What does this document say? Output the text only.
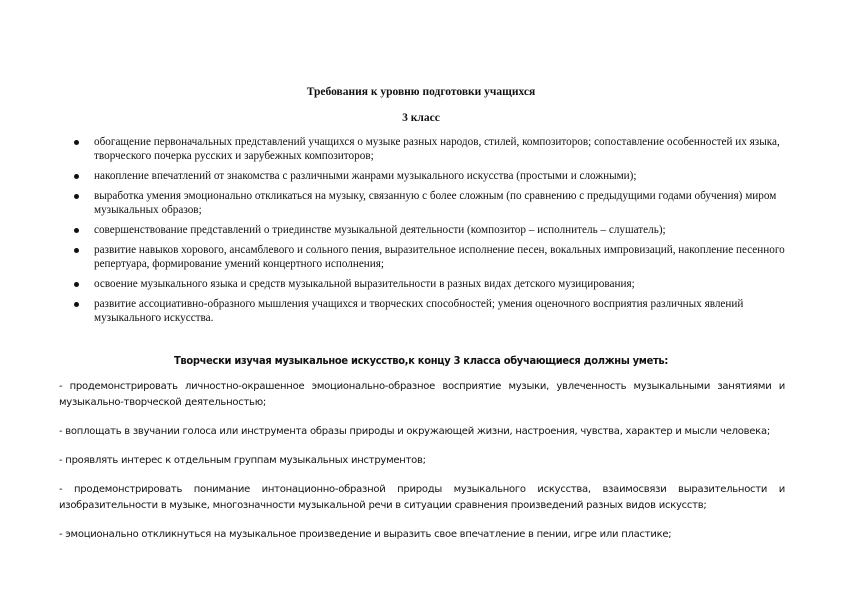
Требования к уровню подготовки учащихся
3 класс
обогащение первоначальных представлений учащихся о музыке разных народов, стилей, композиторов; сопоставление особенностей их языка, творческого почерка русских и зарубежных композиторов;
накопление впечатлений от знакомства с различными жанрами музыкального искусства (простыми и сложными);
выработка умения эмоционально откликаться на музыку, связанную с более сложным (по сравнению с предыдущими годами обучения) миром музыкальных образов;
совершенствование представлений о триединстве музыкальной деятельности (композитор – исполнитель – слушатель);
развитие навыков хорового, ансамблевого и сольного пения, выразительное исполнение песен, вокальных импровизаций, накопление песенного репертуара, формирование умений концертного исполнения;
освоение музыкального языка и средств музыкальной выразительности в разных видах детского музицирования;
развитие ассоциативно-образного мышления учащихся и творческих способностей; умения оценочного восприятия различных явлений музыкального искусства.
Творчески изучая музыкальное искусство,к концу 3 класса обучающиеся должны уметь:

- продемонстрировать личностно-окрашенное эмоционально-образное восприятие музыки, увлеченность музыкальными занятиями и музыкально-творческой деятельностью;

- воплощать в звучании голоса или инструмента образы природы и окружающей жизни, настроения, чувства, характер и мысли человека;

- проявлять интерес к отдельным группам музыкальных инструментов;

- продемонстрировать понимание интонационно-образной природы музыкального искусства, взаимосвязи выразительности и изобразительности в музыке, многозначности музыкальной речи в ситуации сравнения произведений разных видов искусств;

- эмоционально откликнуться на музыкальное произведение и выразить свое впечатление в пении, игре или пластике;
